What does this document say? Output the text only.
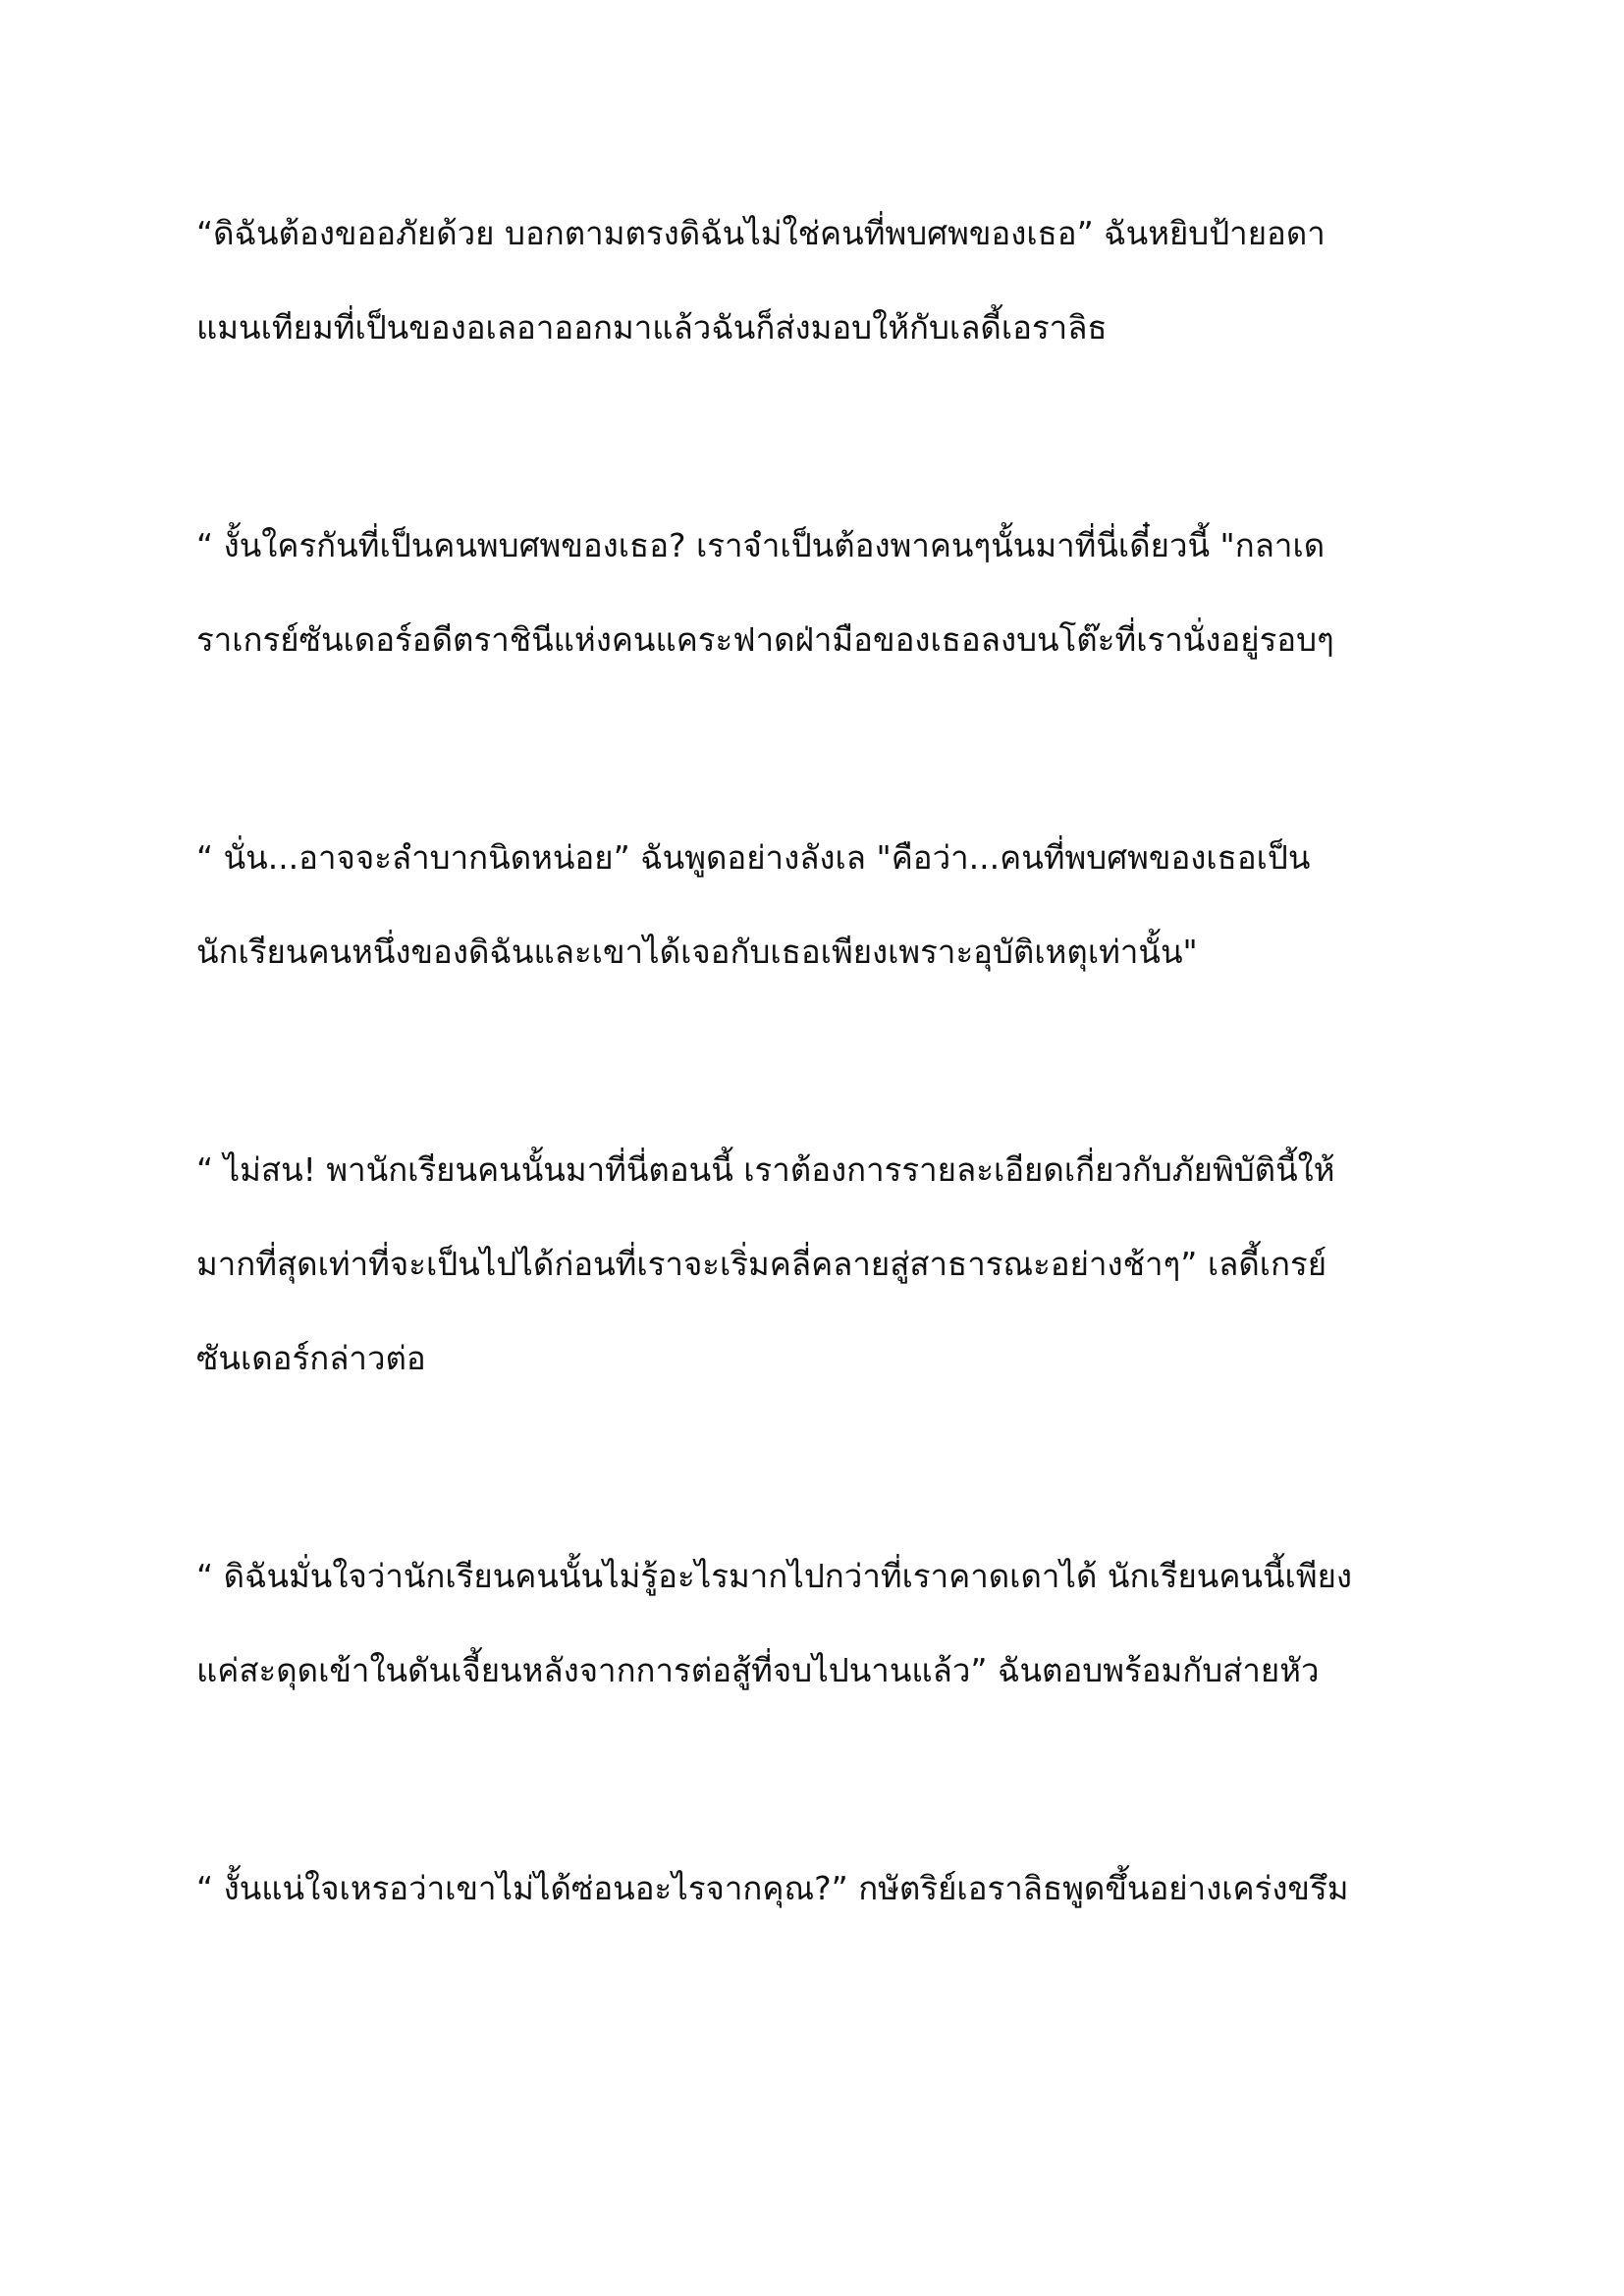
“ดิฉันต้องขออภัยด้วย บอกตามตรงดิฉันไม่ใช่คนที่พบศพของเธอ” ฉันหยิบป้ายอดา
แมนเทียมที่เป็นของอเลอาออกมาแล้วฉันก็ส่งมอบให้กับเลดี้เอราลิธ

“ งั้นใครกันที่เป็นคนพบศพของเธอ? เราจำเป็นต้องพาคนๆนั้นมาที่นี่เดี๋ยวนี้ "กลาเด
ราเกรย์ซันเดอร์อดีตราชินีแห่งคนแคระฟาดฝ่ามือของเธอลงบนโต๊ะที่เรานั่งอยู่รอบๆ

“ นั่น...อาจจะลำบากนิดหน่อย” ฉันพูดอย่างลังเล "คือว่า...คนที่พบศพของเธอเป็น
นักเรียนคนหนึ่งของดิฉันและเขาได้เจอกับเธอเพียงเพราะอุบัติเหตุเท่านั้น"

“ ไม่สน! พานักเรียนคนนั้นมาที่นี่ตอนนี้ เราต้องการรายละเอียดเกี่ยวกับภัยพิบัตินี้ให้
มากที่สุดเท่าที่จะเป็นไปได้ก่อนที่เราจะเริ่มคลี่คลายสู่สาธารณะอย่างช้าๆ” เลดี้เกรย์
ซันเดอร์กล่าวต่อ

“ ดิฉันมั่นใจว่านักเรียนคนนั้นไม่รู้อะไรมากไปกว่าที่เราคาดเดาได้ นักเรียนคนนี้เพียง
แค่สะดุดเข้าในดันเจี้ยนหลังจากการต่อสู้ที่จบไปนานแล้ว” ฉันตอบพร้อมกับส่ายหัว

“ งั้นแน่ใจเหรอว่าเขาไม่ได้ซ่อนอะไรจากคุณ?” กษัตริย์เอราลิธพูดขึ้นอย่างเคร่งขรึม
